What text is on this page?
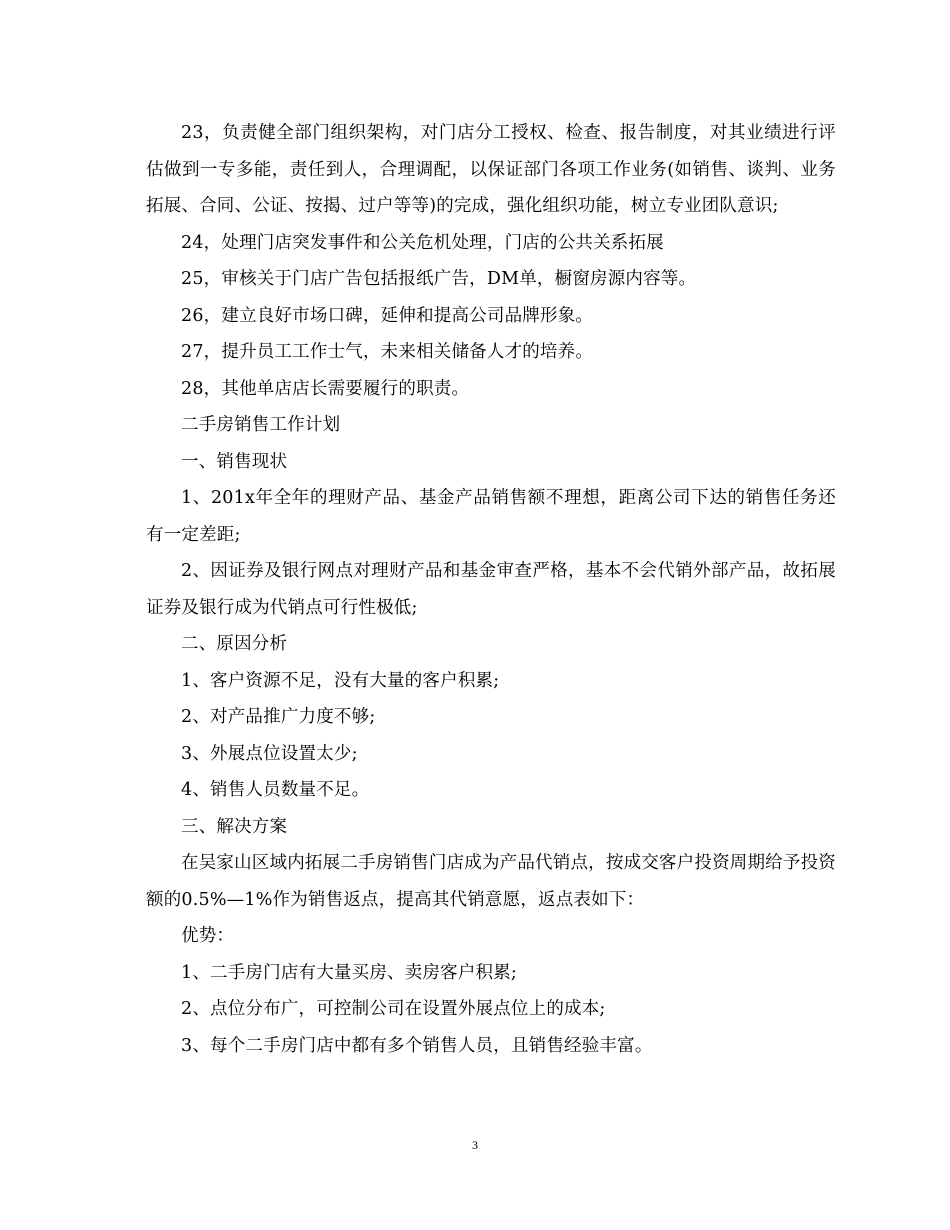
23，负责健全部门组织架构，对门店分工授权、检查、报告制度，对其业绩进行评估做到一专多能，责任到人，合理调配，以保证部门各项工作业务(如销售、谈判、业务拓展、合同、公证、按揭、过户等等)的完成，强化组织功能，树立专业团队意识;

24，处理门店突发事件和公关危机处理，门店的公共关系拓展

25，审核关于门店广告包括报纸广告，DM单，橱窗房源内容等。

26，建立良好市场口碑，延伸和提高公司品牌形象。

27，提升员工工作士气，未来相关储备人才的培养。

28，其他单店店长需要履行的职责。

二手房销售工作计划

一、销售现状

1、201x年全年的理财产品、基金产品销售额不理想，距离公司下达的销售任务还有一定差距;

2、因证券及银行网点对理财产品和基金审查严格，基本不会代销外部产品，故拓展证券及银行成为代销点可行性极低;

二、原因分析

1、客户资源不足，没有大量的客户积累;

2、对产品推广力度不够;

3、外展点位设置太少;

4、销售人员数量不足。

三、解决方案

在吴家山区域内拓展二手房销售门店成为产品代销点，按成交客户投资周期给予投资额的0.5%—1%作为销售返点，提高其代销意愿，返点表如下：

优势：

1、二手房门店有大量买房、卖房客户积累;

2、点位分布广，可控制公司在设置外展点位上的成本;

3、每个二手房门店中都有多个销售人员，且销售经验丰富。

3
